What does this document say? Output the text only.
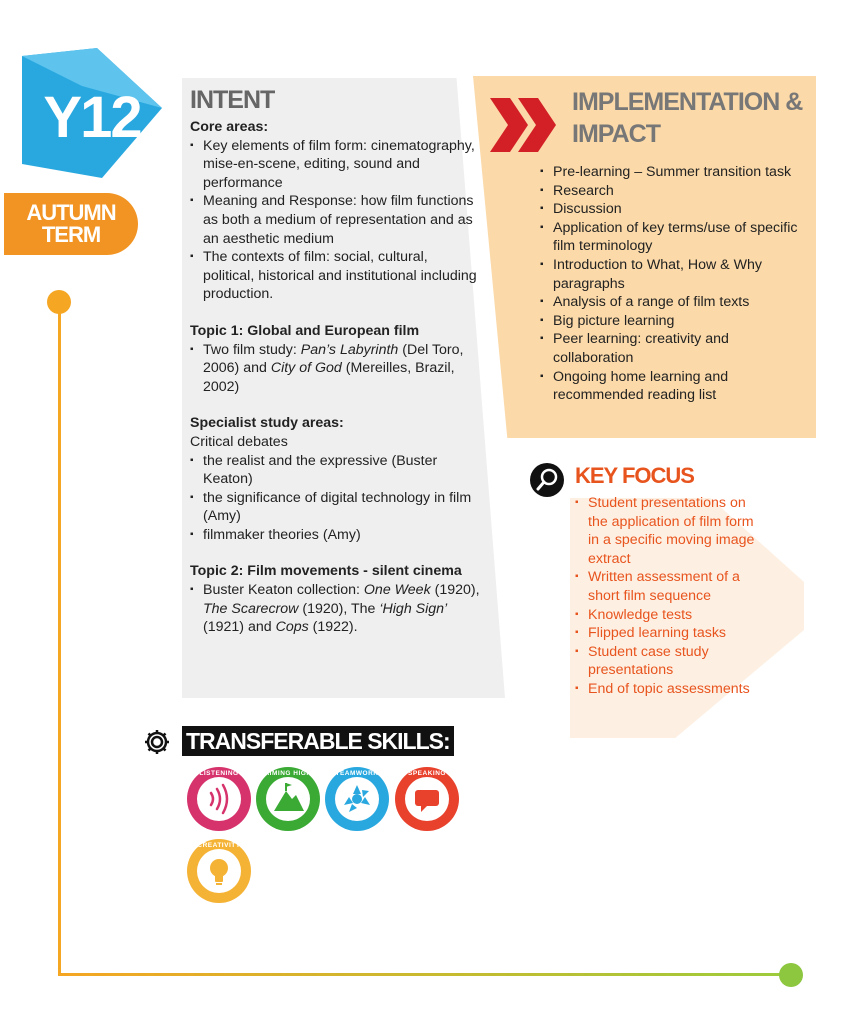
Y12
AUTUMN
TERM
INTENT
Core areas:
▪ Key elements of film form: cinematography, mise-en-scene, editing, sound and performance
▪ Meaning and Response: how film functions as both a medium of representation and as an aesthetic medium
▪ The contexts of film: social, cultural, political, historical and institutional including production.
Topic 1: Global and European film
▪ Two film study: Pan’s Labyrinth (Del Toro, 2006) and City of God (Mereilles, Brazil, 2002)
Specialist study areas:
Critical debates
▪ the realist and the expressive (Buster Keaton)
▪ the significance of digital technology in film (Amy)
▪ filmmaker theories (Amy)
Topic 2: Film movements - silent cinema
▪ Buster Keaton collection: One Week (1920), The Scarecrow (1920), The ‘High Sign’ (1921) and Cops (1922).
IMPLEMENTATION &
IMPACT
▪ Pre-learning – Summer transition task
▪ Research
▪ Discussion
▪ Application of key terms/use of specific film terminology
▪ Introduction to What, How & Why paragraphs
▪ Analysis of a range of film texts
▪ Big picture learning
▪ Peer learning: creativity and collaboration
▪ Ongoing home learning and recommended reading list
KEY FOCUS
▪ Student presentations on the application of film form in a specific moving image extract
▪ Written assessment of a short film sequence
▪ Knowledge tests
▪ Flipped learning tasks
▪ Student case study presentations
▪ End of topic assessments
TRANSFERABLE SKILLS:
LISTENING	AIMING HIGH	TEAMWORK	SPEAKING
CREATIVITY
